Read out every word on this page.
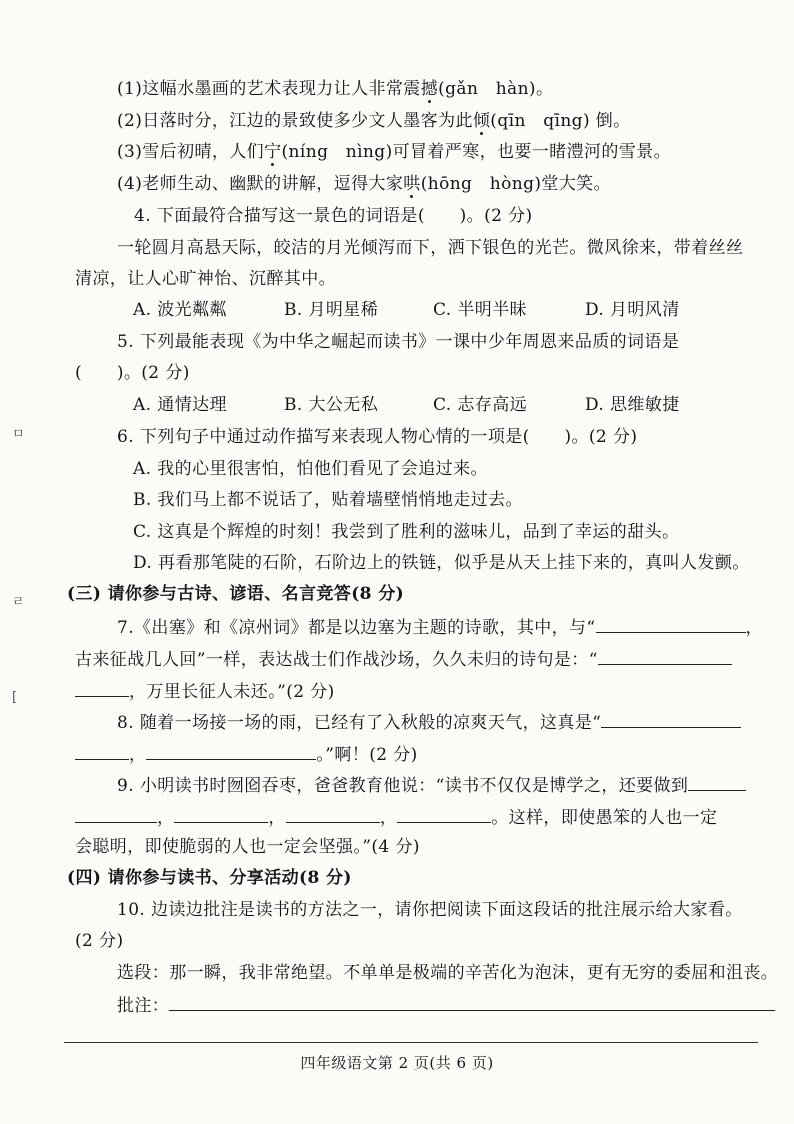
ㅁ
ㄹ
[
(1)这幅水墨画的艺术表现力让人非常震撼(gǎn　hàn)。
(2)日落时分，江边的景致使多少文人墨客为此倾(qīn　qīng) 倒。
(3)雪后初晴，人们宁(níng　nìng)可冒着严寒，也要一睹澧河的雪景。
(4)老师生动、幽默的讲解，逗得大家哄(hōng　hòng)堂大笑。
4. 下面最符合描写这一景色的词语是(　　)。(2 分)
一轮圆月高悬天际，皎洁的月光倾泻而下，洒下银色的光芒。微风徐来，带着丝丝
清凉，让人心旷神怡、沉醉其中。
A. 波光粼粼	B. 月明星稀	C. 半明半昧	D. 月明风清
5. 下列最能表现《为中华之崛起而读书》一课中少年周恩来品质的词语是
(　　)。(2 分)
A. 通情达理	B. 大公无私	C. 志存高远	D. 思维敏捷
6. 下列句子中通过动作描写来表现人物心情的一项是(　　)。(2 分)
A. 我的心里很害怕，怕他们看见了会追过来。
B. 我们马上都不说话了，贴着墙壁悄悄地走过去。
C. 这真是个辉煌的时刻！我尝到了胜利的滋味儿，品到了幸运的甜头。
D. 再看那笔陡的石阶，石阶边上的铁链，似乎是从天上挂下来的，真叫人发颤。
(三) 请你参与古诗、谚语、名言竞答(8 分)
7.《出塞》和《凉州词》都是以边塞为主题的诗歌，其中，与“	，
古来征战几人回”一样，表达战士们作战沙场，久久未归的诗句是：“
，万里长征人未还。”(2 分)
8. 随着一场接一场的雨，已经有了入秋般的凉爽天气，这真是“
，	。”啊！(2 分)
9. 小明读书时囫囵吞枣，爸爸教育他说：“读书不仅仅是博学之，还要做到
，	，	，	。这样，即使愚笨的人也一定
会聪明，即使脆弱的人也一定会坚强。”(4 分)
(四) 请你参与读书、分享活动(8 分)
10. 边读边批注是读书的方法之一，请你把阅读下面这段话的批注展示给大家看。
(2 分)
选段：那一瞬，我非常绝望。不单单是极端的辛苦化为泡沫，更有无穷的委屈和沮丧。
批注：
四年级语文第 2 页(共 6 页)
